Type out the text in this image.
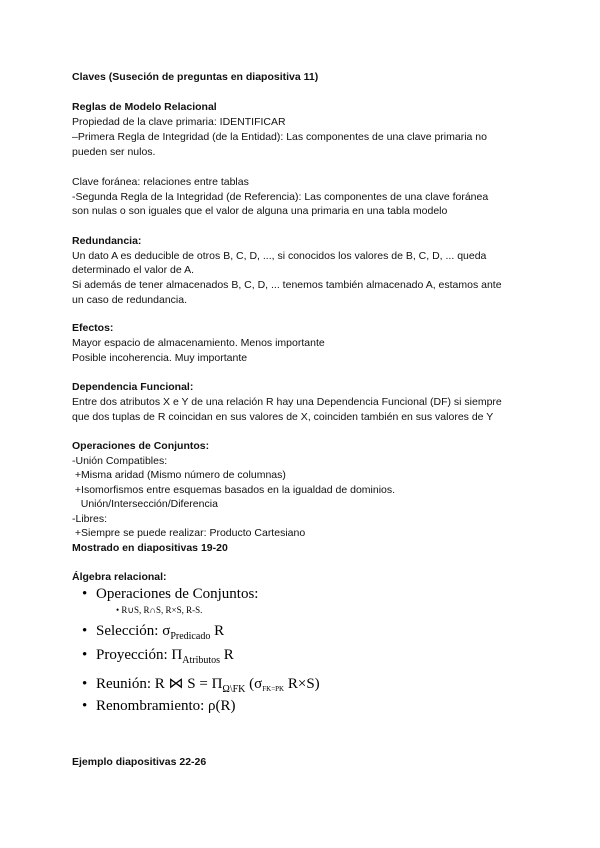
Claves (Suseción de preguntas en diapositiva 11)
Reglas de Modelo Relacional
Propiedad de la clave primaria: IDENTIFICAR
–Primera Regla de Integridad (de la Entidad): Las componentes de una clave primaria no
pueden ser nulos.
Clave foránea: relaciones entre tablas
-Segunda Regla de la Integridad (de Referencia): Las componentes de una clave foránea
son nulas o son iguales que el valor de alguna una primaria en una tabla modelo
Redundancia:
Un dato A es deducible de otros B, C, D, ..., si conocidos los valores de B, C, D, ... queda
determinado el valor de A.
Si además de tener almacenados B, C, D, ... tenemos también almacenado A, estamos ante
un caso de redundancia.
Efectos:
Mayor espacio de almacenamiento. Menos importante
Posible incoherencia. Muy importante
Dependencia Funcional:
Entre dos atributos X e Y de una relación R hay una Dependencia Funcional (DF) si siempre
que dos tuplas de R coincidan en sus valores de X, coinciden también en sus valores de Y
Operaciones de Conjuntos:
-Unión Compatibles:
+Misma aridad (Mismo número de columnas)
+Isomorfismos entre esquemas basados en la igualdad de dominios.
Unión/Intersección/Diferencia
-Libres:
+Siempre se puede realizar: Producto Cartesiano
Mostrado en diapositivas 19-20
Álgebra relacional:
• Operaciones de Conjuntos:
• R∪S, R∩S, R×S, R-S.
• Selección: $\sigma_{Predicado}$ R
• Proyección: $\Pi_{Atributos}$ R
• Reunión: R ⋈ $S = \Pi_{\Omega\backslash FK}$ ($\sigma_{FK=PK}$ R×S)
• Renombramiento: ρ(R)
Ejemplo diapositivas 22-26
